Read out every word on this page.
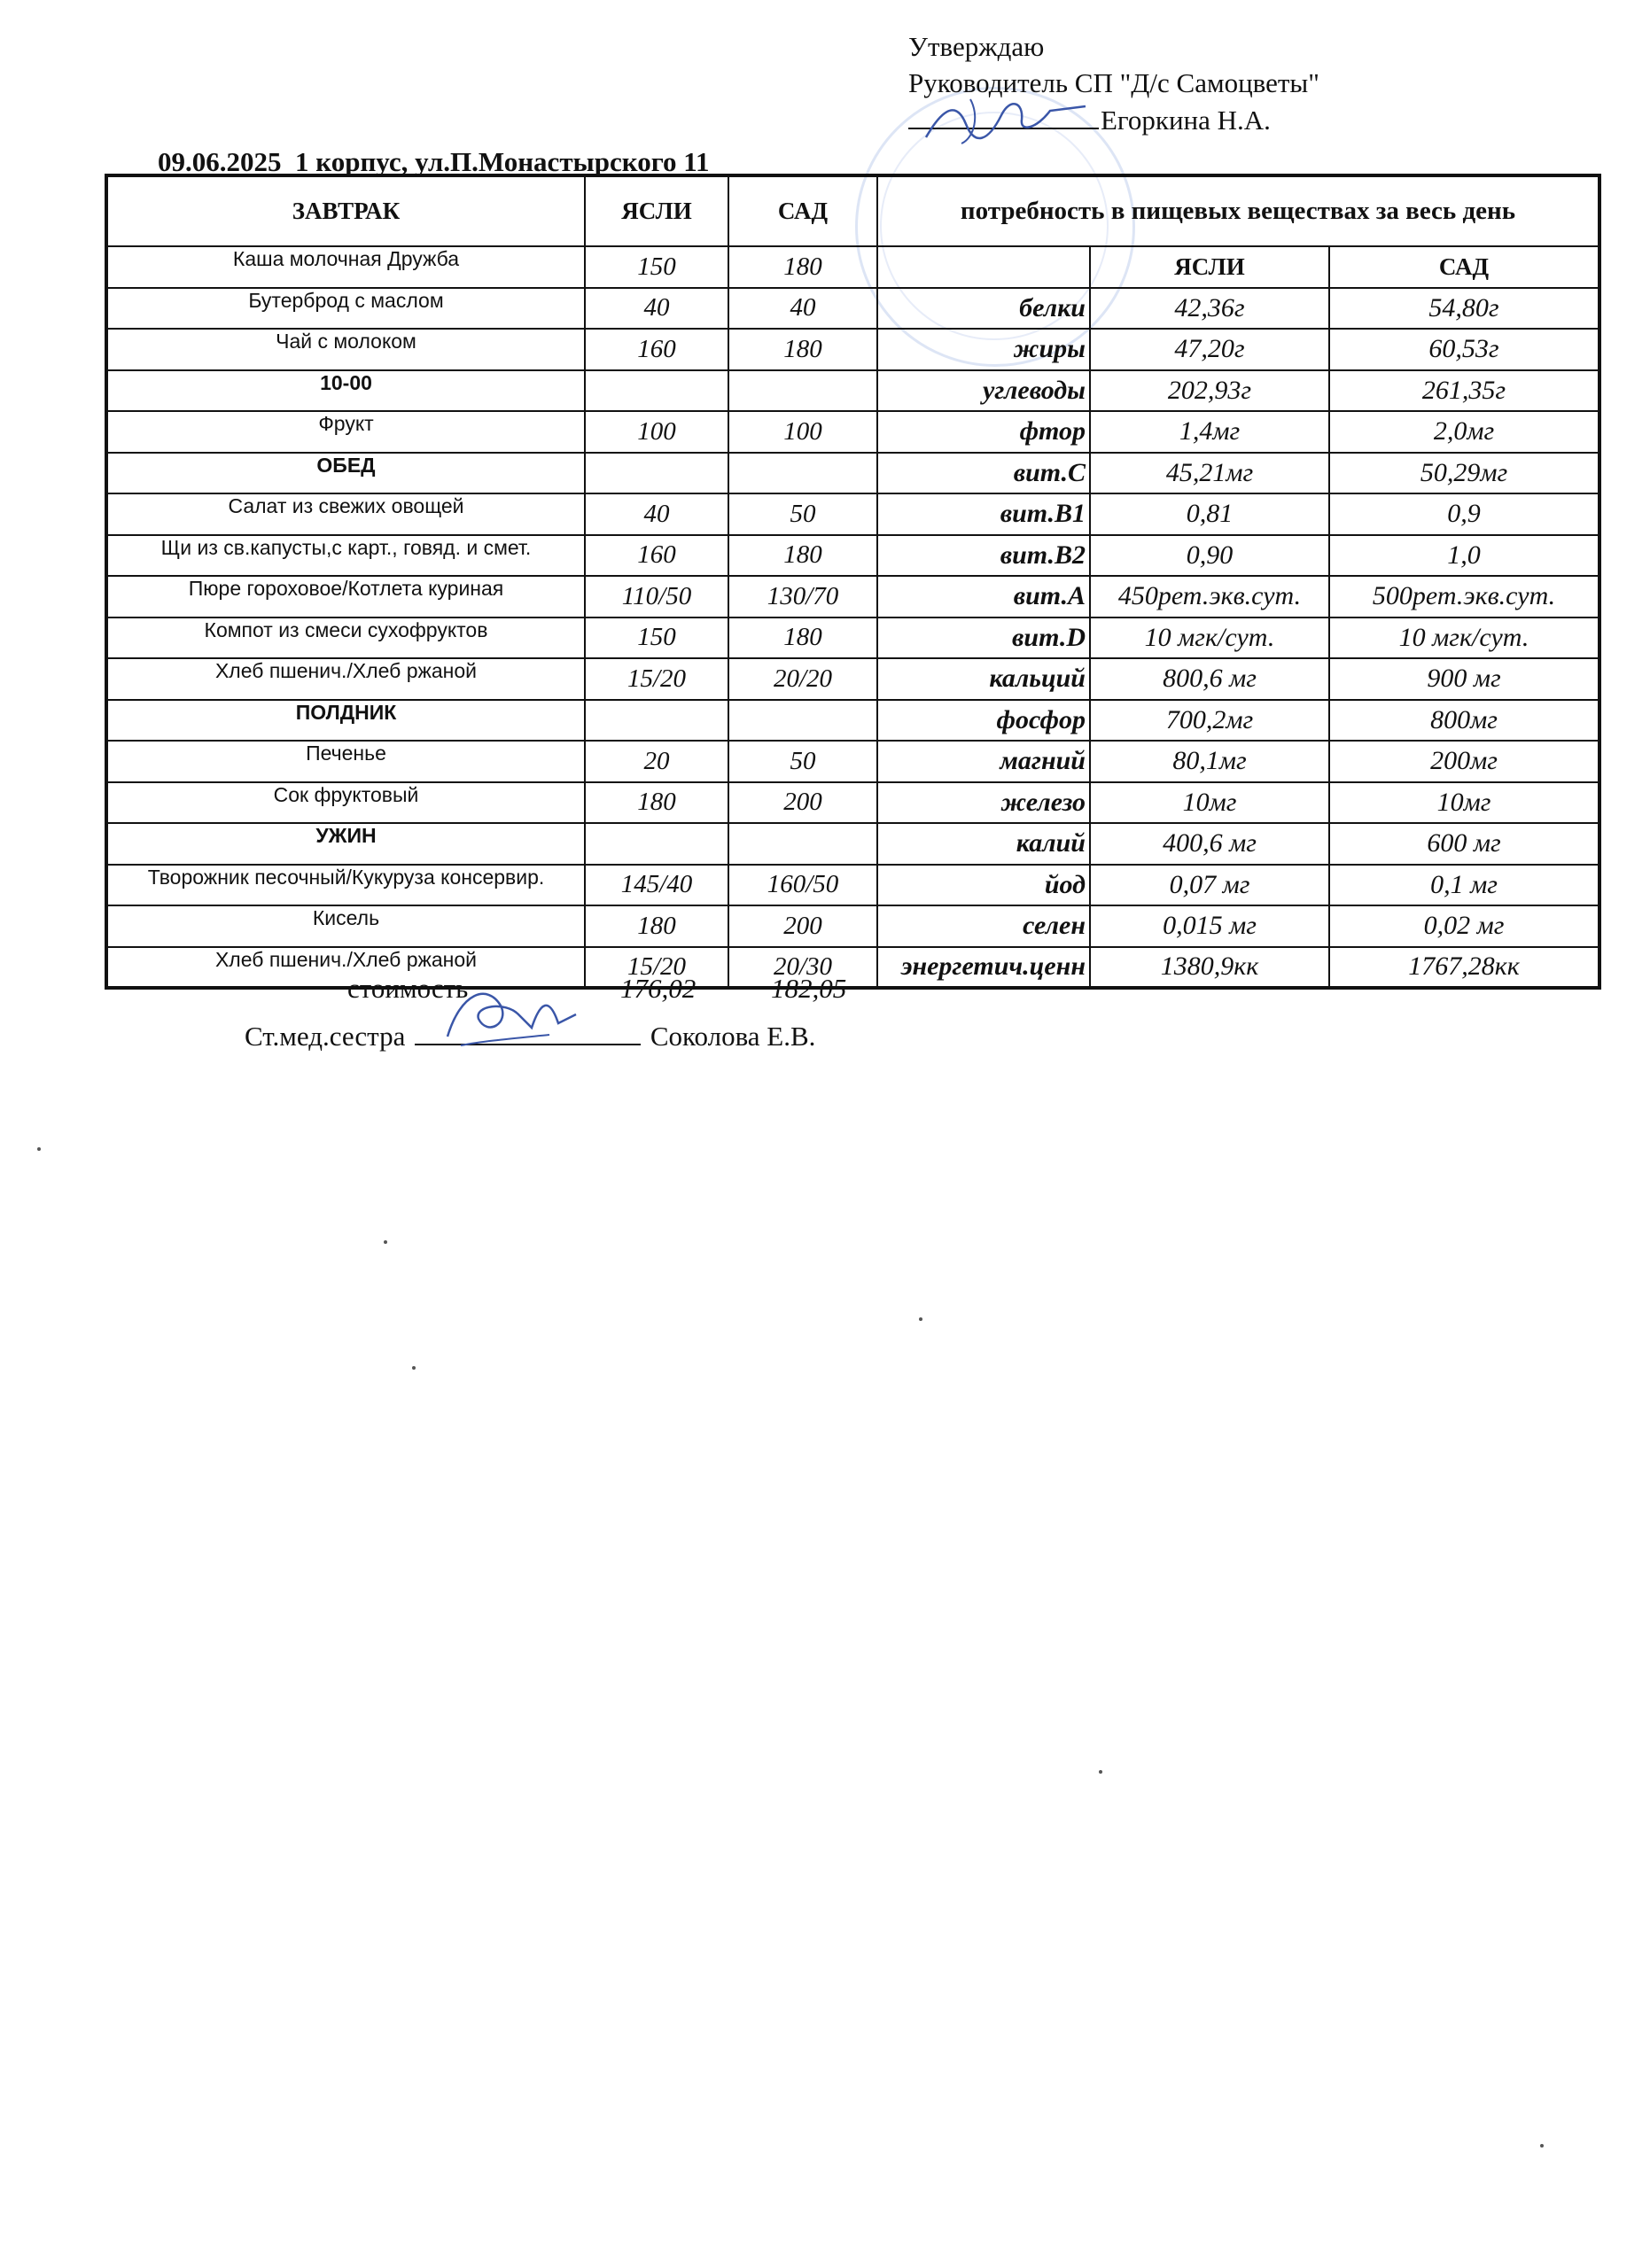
Утверждаю
Руководитель СП "Д/с Самоцветы"
Егоркина Н.А.
09.06.2025  1 корпус, ул.П.Монастырского 11
ЗАВТРАК	ЯСЛИ	САД	потребность в пищевых веществах за весь день		
Каша молочная Дружба	150	180		ЯСЛИ	САД
Бутерброд с маслом	40	40	белки	42,36г	54,80г
Чай с молоком	160	180	жиры	47,20г	60,53г
10-00			углеводы	202,93г	261,35г
Фрукт	100	100	фтор	1,4мг	2,0мг
ОБЕД			вит.С	45,21мг	50,29мг
Салат из свежих овощей	40	50	вит.В1	0,81	0,9
Щи из св.капусты,с карт., говяд. и смет.	160	180	вит.В2	0,90	1,0
Пюре гороховое/Котлета куриная	110/50	130/70	вит.А	450рет.экв.сут.	500рет.экв.сут.
Компот из смеси сухофруктов	150	180	вит.D	10 мгк/сут.	10 мгк/сут.
Хлеб пшенич./Хлеб ржаной	15/20	20/20	кальций	800,6 мг	900 мг
ПОЛДНИК			фосфор	700,2мг	800мг
Печенье	20	50	магний	80,1мг	200мг
Сок фруктовый	180	200	железо	10мг	10мг
УЖИН			калий	400,6 мг	600 мг
Творожник песочный/Кукуруза консервир.	145/40	160/50	йод	0,07 мг	0,1 мг
Кисель	180	200	селен	0,015 мг	0,02 мг
Хлеб пшенич./Хлеб ржаной	15/20	20/30	энергетич.ценн	1380,9кк	1767,28кк
стоимость	176,02	182,05
Ст.мед.сестра	Соколова Е.В.
